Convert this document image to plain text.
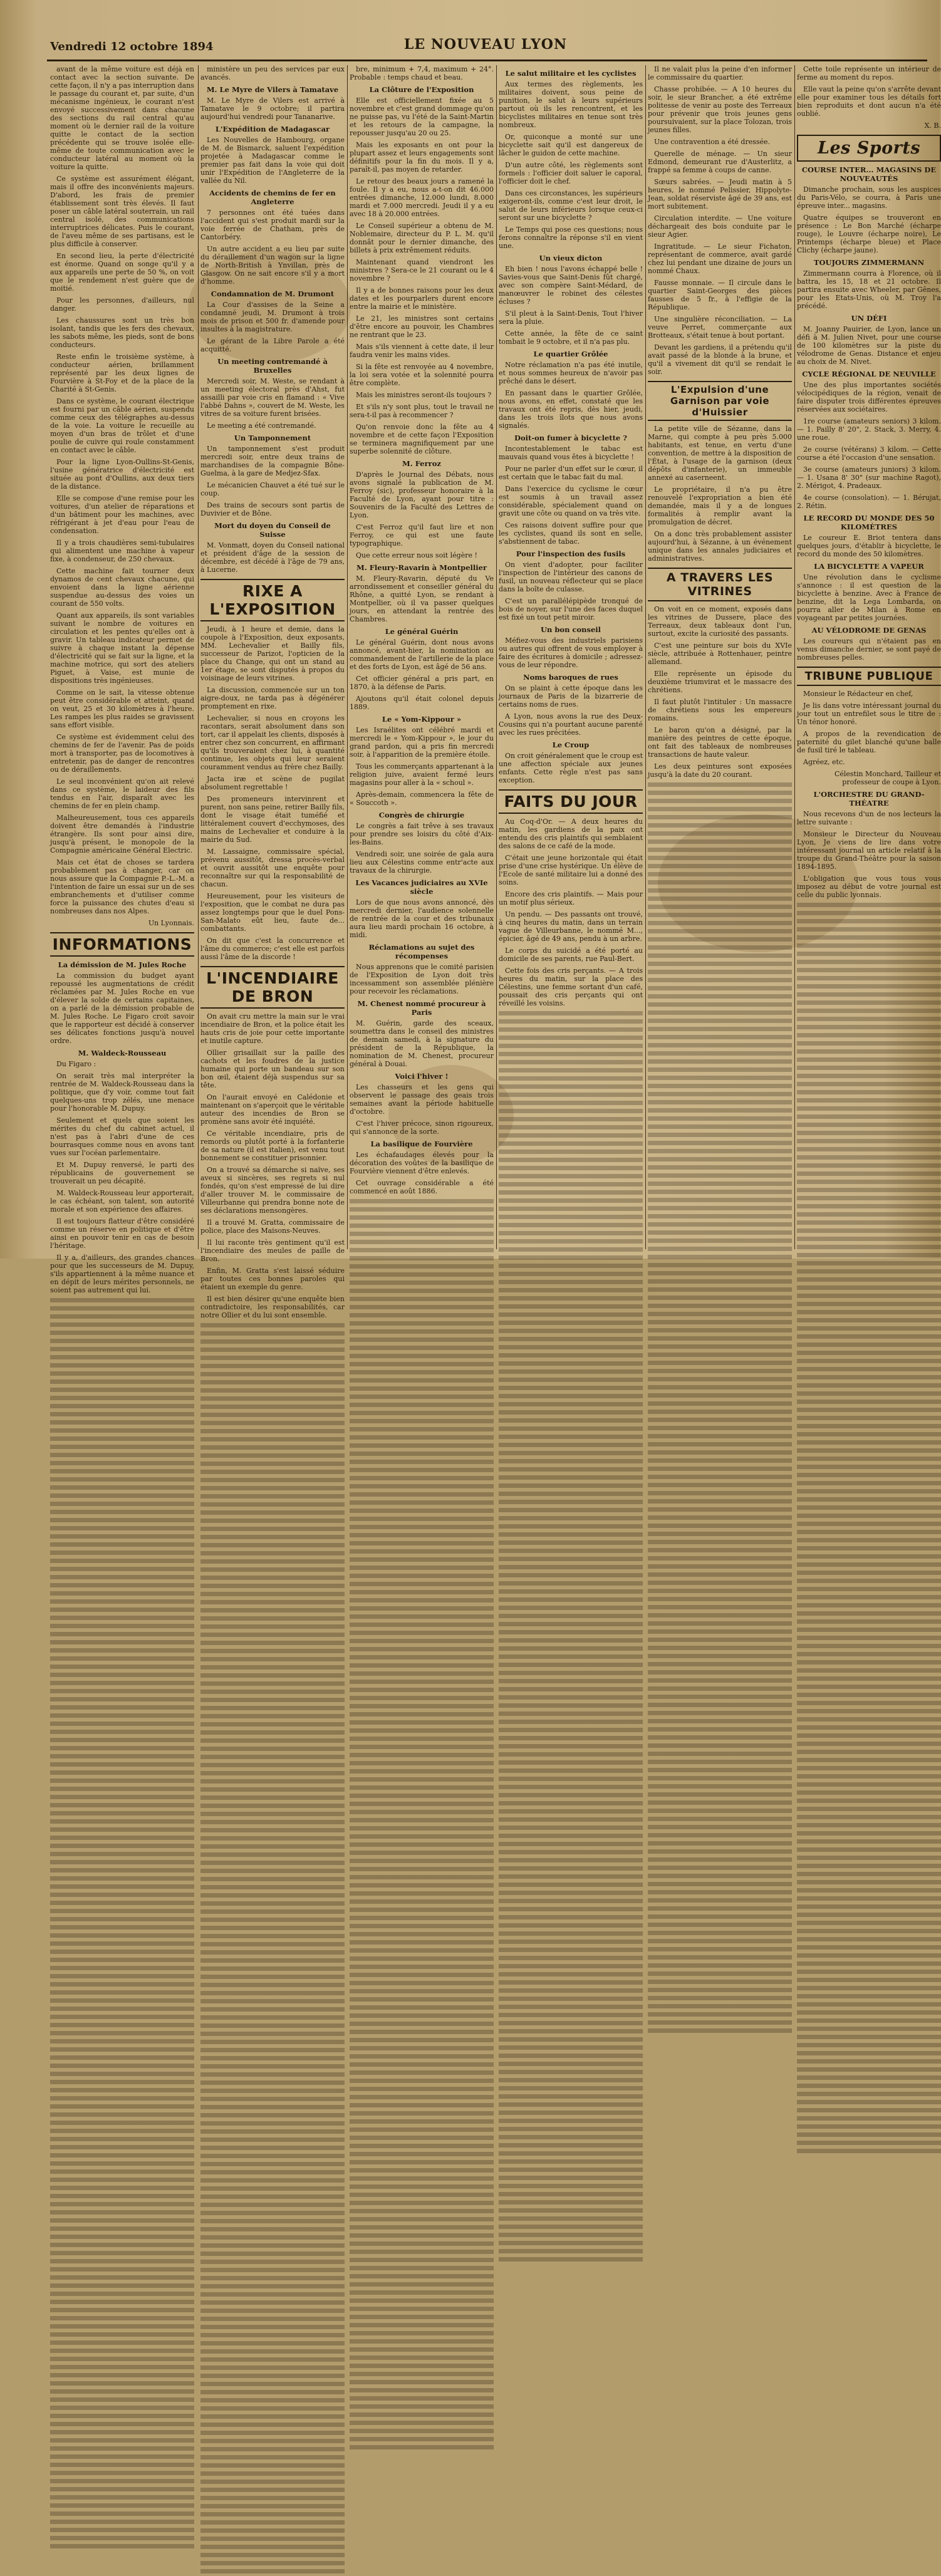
Vendredi 12 octobre 1894	LE NOUVEAU LYON

avant de la même voiture est déjà en contact avec la section suivante. De cette façon, il n'y a pas interruption dans le passage du courant et, par suite, d'un mécanisme ingénieux, le courant n'est envoyé successivement dans chacune des sections du rail central qu'au moment où le dernier rail de la voiture quitte le contact de la section précédente qui se trouve isolée elle-même de toute communication avec le conducteur latéral au moment où la voiture la quitte.

Ce système est assurément élégant, mais il offre des inconvénients majeurs. D'abord, les frais de premier établissement sont très élevés. Il faut poser un câble latéral souterrain, un rail central isolé, des communications interruptrices délicates. Puis le courant, de l'aveu même de ses partisans, est le plus difficile à conserver.

En second lieu, la perte d'électricité est énorme. Quand on songe qu'il y a aux appareils une perte de 50 %, on voit que le rendement n'est guère que de moitié.

Pour les personnes, d'ailleurs, nul danger.

Les chaussures sont un très bon isolant, tandis que les fers des chevaux, les sabots même, les pieds, sont de bons conducteurs.

Reste enfin le troisième système, à conducteur aérien, brillamment représenté par les deux lignes de Fourvière à St-Foy et de la place de la Charité à St-Genis.

Dans ce système, le courant électrique est fourni par un câble aérien, suspendu comme ceux des télégraphes au-dessus de la voie. La voiture le recueille au moyen d'un bras de trôlet et d'une poulie de cuivre qui roule constamment en contact avec le câble.

Pour la ligne Lyon-Oullins-St-Genis, l'usine génératrice d'électricité est située au pont d'Oullins, aux deux tiers de la distance.

Elle se compose d'une remise pour les voitures, d'un atelier de réparations et d'un bâtiment pour les machines, avec réfrigérant à jet d'eau pour l'eau de condensation.

Il y a trois chaudières semi-tubulaires qui alimentent une machine à vapeur fixe, à condenseur, de 250 chevaux.

Cette machine fait tourner deux dynamos de cent chevaux chacune, qui envoient dans la ligne aérienne suspendue au-dessus des voies un courant de 550 volts.

Quant aux appareils, ils sont variables suivant le nombre de voitures en circulation et les pentes qu'elles ont à gravir. Un tableau indicateur permet de suivre à chaque instant la dépense d'électricité qui se fait sur la ligne, et la machine motrice, qui sort des ateliers Piguet, à Vaise, est munie de dispositions très ingénieuses.

Comme on le sait, la vitesse obtenue peut être considérable et atteint, quand on veut, 25 et 30 kilomètres à l'heure. Les rampes les plus raides se gravissent sans effort visible.

Ce système est évidemment celui des chemins de fer de l'avenir. Pas de poids mort à transporter, pas de locomotives à entretenir, pas de danger de rencontres ou de déraillements.

Le seul inconvénient qu'on ait relevé dans ce système, le laideur des fils tendus en l'air, disparaît avec les chemins de fer en plein champ.

Malheureusement, tous ces appareils doivent être demandés à l'industrie étrangère. Ils sont pour ainsi dire, jusqu'à présent, le monopole de la Compagnie américaine Général Electric.

Mais cet état de choses se tardera probablement pas à changer, car on nous assure que la Compagnie P.-L.-M. a l'intention de faire un essai sur un de ses embranchements et d'utiliser comme force la puissance des chutes d'eau si nombreuses dans nos Alpes.

Un Lyonnais.
INFORMATIONS
La démission de M. Jules Roche

La commission du budget ayant repoussé les augmentations de crédit réclamées par M. Jules Roche en vue d'élever la solde de certains capitaines, on a parlé de la démission probable de M. Jules Roche. Le Figaro croit savoir que le rapporteur est décidé à conserver ses délicates fonctions jusqu'à nouvel ordre.

M. Waldeck-Rousseau

Du Figaro :

On serait très mal interpréter la rentrée de M. Waldeck-Rousseau dans la politique, que d'y voir, comme tout fait quelques-uns trop zélés, une menace pour l'honorable M. Dupuy.

Seulement et quels que soient les mérites du chef du cabinet actuel, il n'est pas à l'abri d'une de ces bourrasques comme nous en avons tant vues sur l'océan parlementaire.

Et M. Dupuy renversé, le parti des républicains de gouvernement se trouverait un peu décapité.

M. Waldeck-Rousseau leur apporterait, le cas échéant, son talent, son autorité morale et son expérience des affaires.

Il est toujours flatteur d'être considéré comme un réserve en politique et d'être ainsi en pouvoir tenir en cas de besoin l'héritage.

Il y a, d'ailleurs, des grandes chances pour que les successeurs de M. Dupuy, s'ils appartiennent à la même nuance et en dépit de leurs mérites personnels, ne soient pas autrement qui lui.

ministère un peu des services par eux avancés.

M. Le Myre de Vilers à Tamatave

M. Le Myre de Vilers est arrivé à Tamatave le 9 octobre; il partira aujourd'hui vendredi pour Tananarive.

L'Expédition de Madagascar

Les Nouvelles de Hambourg, organe de M. de Bismarck, saluent l'expédition projetée à Madagascar comme le premier pas fait dans la voie qui doit unir l'Expédition de l'Angleterre de la vallée du Nil.

Accidents de chemins de fer en Angleterre

7 personnes ont été tuées dans l'accident qui s'est produit mardi sur la voie ferrée de Chatham, près de Cantorbéry.

Un autre accident a eu lieu par suite du déraillement d'un wagon sur la ligne de North-British à Ynvillan, près de Glasgow. On ne sait encore s'il y a mort d'homme.

Condamnation de M. Drumont

La Cour d'assises de la Seine a condamné jeudi, M. Drumont à trois mois de prison et 500 fr. d'amende pour insultes à la magistrature.

Le gérant de la Libre Parole a été acquitté.

Un meeting contremandé à Bruxelles

Mercredi soir, M. Weste, se rendant à un meeting électoral près d'Ahst, fut assailli par voie cris en flamand : « Vive l'abbé Dahns », couvert de M. Weste, les vitres de sa voiture furent brisées.

Le meeting a été contremandé.

Un Tamponnement

Un tamponnement s'est produit mercredi soir, entre deux trains de marchandises de la compagnie Bône-Guelma, à la gare de Medjez-Sfax.

Le mécanicien Chauvet a été tué sur le coup.

Des trains de secours sont partis de Duvivier et de Bône.

Mort du doyen du Conseil de Suisse

M. Vonmatt, doyen du Conseil national et président d'âge de la session de décembre, est décédé à l'âge de 79 ans, à Lucerne.

RIXE A L'EXPOSITION

Jeudi, à 1 heure et demie, dans la coupole à l'Exposition, deux exposants, MM. Lechevalier et Bailly fils, successeur de Parizot, l'opticien de la place du Change, qui ont un stand au 1er étage, se sont disputés à propos du voisinage de leurs vitrines.

La discussion, commencée sur un ton aigre-doux, ne tarda pas à dégénérer promptement en rixe.

Lechevalier, si nous en croyons les racontars, serait absolument dans son tort, car il appelait les clients, disposés à entrer chez son concurrent, en affirmant qu'ils trouveraient chez lui, à quantité continue, les objets qui leur seraient couramment vendus au frère chez Bailly.

Jacta iræ et scène de pugilat absolument regrettable !

Des promeneurs intervinrent et purent, non sans peine, retirer Bailly fils, dont le visage était tuméfié et littéralement couvert d'ecchymoses, des mains de Lechevalier et conduire à la mairie du Sud.

M. Lassaigne, commissaire spécial, prévenu aussitôt, dressa procès-verbal et ouvrit aussitôt une enquête pour reconnaître sur qui la responsabilité de chacun.

Heureusement, pour les visiteurs de l'exposition, que le combat ne dura pas assez longtemps pour que le duel Pons-San-Malato eût lieu, faute de... combattants.

On dit que c'est la concurrence et l'âme du commerce; c'est elle est parfois aussi l'âme de la discorde !

L'INCENDIAIRE DE BRON

On avait cru mettre la main sur le vrai incendiaire de Bron, et la police était les hauts cris de joie pour cette importante et inutile capture.

Ollier grisaillait sur la paille des cachots et les foudres de la justice humaine qui porte un bandeau sur son bon œil, étaient déjà suspendus sur sa tête.

On l'aurait envoyé en Calédonie et maintenant on s'aperçoit que le véritable auteur des incendies de Bron se promène sans avoir été inquiété.

Ce véritable incendiaire, pris de remords ou plutôt porté à la forfanterie de sa nature (il est italien), est venu tout bonnement se constituer prisonnier.

On a trouvé sa démarche si naïve, ses aveux si sincères, ses regrets si nul fondés, qu'on s'est empressé de lui dire d'aller trouver M. le commissaire de Villeurbanne qui prendra bonne note de ses déclarations mensongères.

Il a trouvé M. Gratta, commissaire de police, place des Maisons-Neuves.

Il lui raconte très gentiment qu'il est l'incendiaire des meules de paille de Bron.

Enfin, M. Gratta s'est laissé séduire par toutes ces bonnes paroles qui étaient un exemple du genre.

Il est bien désirer qu'une enquête bien contradictoire, les responsabilités, car notre Ollier et du lui sont ensemble.

bre, minimum + 7,4, maximum + 24°. Probable : temps chaud et beau.

La Clôture de l'Exposition

Elle est officiellement fixée au 5 novembre et c'est grand dommage qu'on ne puisse pas, vu l'été de la Saint-Martin et les retours de la campagne, la repousser jusqu'au 20 ou 25.

Mais les exposants en ont pour la plupart assez et leurs engagements sont définitifs pour la fin du mois. Il y a, paraît-il, pas moyen de retarder.

Le retour des beaux jours a ramené la foule. Il y a eu, nous a-t-on dit 46.000 entrées dimanche, 12.000 lundi, 8.000 mardi et 7.000 mercredi. Jeudi il y a eu avec 18 à 20.000 entrées.

Le Conseil supérieur a obtenu de M. Noblemaire, directeur du P. L. M. qu'il donnât pour le dernier dimanche, des billets à prix extrêmement réduits.

Maintenant quand viendront les ministres ? Sera-ce le 21 courant ou le 4 novembre ?

Il y a de bonnes raisons pour les deux dates et les pourparlers durent encore entre la mairie et le ministère.

Le 21, les ministres sont certains d'être encore au pouvoir, les Chambres ne rentrant que le 23.

Mais s'ils viennent à cette date, il leur faudra venir les mains vides.

Si la fête est renvoyée au 4 novembre, la loi sera votée et la solennité pourra être complète.

Mais les ministres seront-ils toujours ?

Et s'ils n'y sont plus, tout le travail ne sera-t-il pas à recommencer ?

Qu'on renvoie donc la fête au 4 novembre et de cette façon l'Exposition se terminera magnifiquement par une superbe solennité de clôture.

M. Ferroz

D'après le Journal des Débats, nous avons signalé la publication de M. Ferroy (sic), professeur honoraire à la Faculté de Lyon, ayant pour titre : Souvenirs de la Faculté des Lettres de Lyon.

C'est Ferroz qu'il faut lire et non Ferroy, ce qui est une faute typographique.

Que cette erreur nous soit légère !

M. Fleury-Ravarin à Montpellier

M. Fleury-Ravarin, député du Ve arrondissement et conseiller général du Rhône, a quitté Lyon, se rendant à Montpellier, où il va passer quelques jours, en attendant la rentrée des Chambres.

Le général Guérin

Le général Guérin, dont nous avons annoncé, avant-hier, la nomination au commandement de l'artillerie de la place et des forts de Lyon, est âgé de 56 ans.

Cet officier général a pris part, en 1870, à la défense de Paris.

Ajoutons qu'il était colonel depuis 1889.

Le « Yom-Kippour »

Les Israélites ont célébré mardi et mercredi le « Yom-Kippour », le jour du grand pardon, qui a pris fin mercredi soir, à l'apparition de la première étoile.

Tous les commerçants appartenant à la religion juive, avaient fermé leurs magasins pour aller à la « schoul ».

Après-demain, commencera la fête de « Souccoth ».

Congrès de chirurgie

Le congrès a fait trêve à ses travaux pour prendre ses loisirs du côté d'Aix-les-Bains.

Vendredi soir, une soirée de gala aura lieu aux Célestins comme entr'acte aux travaux de la chirurgie.

Les Vacances judiciaires au XVIe siècle

Lors de que nous avons annoncé, dès mercredi dernier, l'audience solennelle de rentrée de la cour et des tribunaux aura lieu mardi prochain 16 octobre, à midi.

Réclamations au sujet des récompenses

Nous apprenons que le comité parisien de l'Exposition de Lyon doit très incessamment son assemblée plénière pour recevoir les réclamations.

M. Chenest nommé procureur à Paris

M. Guérin, garde des sceaux, soumettra dans le conseil des ministres de demain samedi, à la signature du président de la République, la nomination de M. Chenest, procureur général à Douai.

Voici l'hiver !

Les chasseurs et les gens qui observent le passage des geais trois semaines avant la période habituelle d'octobre.

C'est l'hiver précoce, sinon rigoureux, qui s'annonce de la sorte.

La basilique de Fourvière

Les échafaudages élevés pour la décoration des voûtes de la basilique de Fourvière viennent d'être enlevés.

Cet ouvrage considérable a été commencé en août 1886.

Le salut militaire et les cyclistes

Aux termes des règlements, les militaires doivent, sous peine de punition, le salut à leurs supérieurs partout où ils les rencontrent, et les bicyclistes militaires en tenue sont très nombreux.

Or, quiconque a monté sur une bicyclette sait qu'il est dangereux de lâcher le guidon de cette machine.

D'un autre côté, les règlements sont formels : l'officier doit saluer le caporal, l'officier doit le chef.

Dans ces circonstances, les supérieurs exigeront-ils, comme c'est leur droit, le salut de leurs inférieurs lorsque ceux-ci seront sur une bicyclette ?

Le Temps qui pose ces questions; nous ferons connaître la réponse s'il en vient une.

Un vieux dicton

Eh bien ! nous l'avons échappé belle ! Savies-vous que Saint-Denis fût chargé, avec son compère Saint-Médard, de manœuvrer le robinet des célestes écluses ?

S'il pleut à la Saint-Denis, Tout l'hiver sera la pluie.

Cette année, la fête de ce saint tombait le 9 octobre, et il n'a pas plu.

Le quartier Grôlée

Notre réclamation n'a pas été inutile, et nous sommes heureux de n'avoir pas prêché dans le désert.

En passant dans le quartier Grôlée, nous avons, en effet, constaté que les travaux ont été repris, dès hier, jeudi, dans les trois îlots que nous avons signalés.

Doit-on fumer à bicyclette ?

Incontestablement le tabac est mauvais quand vous êtes à bicyclette !

Pour ne parler d'un effet sur le cœur, il est certain que le tabac fait du mal.

Dans l'exercice du cyclisme le cœur est soumis à un travail assez considérable, spécialement quand on gravit une côte ou quand on va très vite.

Ces raisons doivent suffire pour que les cyclistes, quand ils sont en selle, s'abstiennent de tabac.

Pour l'inspection des fusils

On vient d'adopter, pour faciliter l'inspection de l'intérieur des canons de fusil, un nouveau réflecteur qui se place dans la boîte de culasse.

C'est un parallélépipède tronqué de bois de noyer, sur l'une des faces duquel est fixé un tout petit miroir.

Un bon conseil

Méfiez-vous des industriels parisiens ou autres qui offrent de vous employer à faire des écritures à domicile ; adressez-vous de leur répondre.

Noms baroques de rues

On se plaint à cette époque dans les journaux de Paris de la bizarrerie de certains noms de rues.

A Lyon, nous avons la rue des Deux-Cousins qui n'a pourtant aucune parenté avec les rues précitées.

Le Croup

On croit généralement que le croup est une affection spéciale aux jeunes enfants. Cette règle n'est pas sans exception.

FAITS DU JOUR

Au Coq-d'Or. — A deux heures du matin, les gardiens de la paix ont entendu des cris plaintifs qui semblaient des salons de ce café de la mode.

C'était une jeune horizontale qui était prise d'une crise hystérique. Un élève de l'Ecole de santé militaire lui a donné des soins.

Encore des cris plaintifs. — Mais pour un motif plus sérieux.

Un pendu. — Des passants ont trouvé, à cinq heures du matin, dans un terrain vague de Villeurbanne, le nommé M..., épicier, âgé de 49 ans, pendu à un arbre.

Le corps du suicidé a été porté au domicile de ses parents, rue Paul-Bert.

Cette fois des cris perçants. — A trois heures du matin, sur la place des Célestins, une femme sortant d'un café, poussait des cris perçants qui ont réveillé les voisins.

Il ne valait plus la peine d'en informer le commissaire du quartier.

Chasse prohibée. — A 10 heures du soir, le sieur Brancher, a été extrême politesse de venir au poste des Terreaux pour prévenir que trois jeunes gens poursuivaient, sur la place Tolozan, trois jeunes filles.

Une contravention a été dressée.

Querelle de ménage. — Un sieur Edmond, demeurant rue d'Austerlitz, a frappé sa femme à coups de canne.

Sœurs sabrées. — Jeudi matin à 5 heures, le nommé Pelissier, Hippolyte-Jean, soldat réserviste âgé de 39 ans, est mort subitement.

Circulation interdite. — Une voiture déchargeait des bois conduite par le sieur Agier.

Ingratitude. — Le sieur Fichaton, représentant de commerce, avait gardé chez lui pendant une dizaine de jours un nommé Chaux.

Fausse monnaie. — Il circule dans le quartier Saint-Georges des pièces fausses de 5 fr., à l'effigie de la République.

Une singulière réconciliation. — La veuve Perret, commerçante aux Brotteaux, s'était tenue à bout portant.

Devant les gardiens, il a prétendu qu'il avait passé de la blonde à la brune, et qu'il a vivement dit qu'il se rendait le soir.

L'Expulsion d'une Garnison par voie d'Huissier

La petite ville de Sézanne, dans la Marne, qui compte à peu près 5.000 habitants, est tenue, en vertu d'une convention, de mettre à la disposition de l'État, à l'usage de la garnison (deux dépôts d'infanterie), un immeuble annexé au caserneent.

Le propriétaire, il n'a pu être renouvelé l'expropriation a bien été demandée, mais il y a de longues formalités à remplir avant la promulgation de décret.

On a donc très probablement assister aujourd'hui, à Sézanne, à un événement unique dans les annales judiciaires et administratives.

A TRAVERS LES VITRINES

On voit en ce moment, exposés dans les vitrines de Dussere, place des Terreaux, deux tableaux dont l'un, surtout, excite la curiosité des passants.

C'est une peinture sur bois du XVIe siècle, attribuée à Rottenhauer, peintre allemand.

Elle représente un épisode du deuxième triumvirat et le massacre des chrétiens.

Il faut plutôt l'intituler : Un massacre de chrétiens sous les empereurs romains.

Le baron qu'on a désigné, par la manière des peintres de cette époque, ont fait des tableaux de nombreuses transactions de haute valeur.

Les deux peintures sont exposées jusqu'à la date du 20 courant.

Cette toile représente un intérieur de ferme au moment du repos.

Elle vaut la peine qu'on s'arrête devant elle pour examiner tous les détails fort bien reproduits et dont aucun n'a été oublié.

X. B.
Les Sports
COURSE INTER... MAGASINS DE NOUVEAUTÉS

Dimanche prochain, sous les auspices du Paris-Vélo, se courra, à Paris une épreuve inter... magasins.

Quatre équipes se trouveront en présence : Le Bon Marché (écharpe rouge), le Louvre (écharpe noire), Le Printemps (écharpe bleue) et Place Clichy (écharpe jaune).

TOUJOURS ZIMMERMANN

Zimmermann courra à Florence, où il battra, les 15, 18 et 21 octobre. Il partira ensuite avec Wheeler, par Gênes, pour les Etats-Unis, où M. Troy l'a précédé.

UN DÉFI

M. Joanny Pauirier, de Lyon, lance un défi à M. Julien Nivet, pour une course de 100 kilomètres sur la piste du vélodrome de Genas. Distance et enjeu au choix de M. Nivet.

CYCLE RÉGIONAL DE NEUVILLE

Une des plus importantes sociétés vélocipédiques de la région, venait de faire disputer trois différentes épreuves réservées aux sociétaires.

1re course (amateurs seniors) 3 kilom. — 1. Pailly 8' 20", 2. Stack, 3. Merry, 4. une roue.

2e course (vétérans) 3 kilom. — Cette course a été l'occasion d'une sensation.

3e course (amateurs juniors) 3 kilom. — 1. Usana 8' 30" (sur machine Ragot), 2. Mérigot, 4. Pradeaux.

4e course (consolation). — 1. Bérujat, 2. Rétin.

LE RECORD DU MONDE DES 50 KILOMÈTRES

Le coureur E. Briot tentera dans quelques jours, d'établir à bicyclette, le record du monde des 50 kilomètres.

LA BICYCLETTE A VAPEUR

Une révolution dans le cyclisme s'annonce : il est question de la bicyclette à benzine. Avec à France de benzine, dit la Lega Lombarda, on pourra aller de Milan à Rome en voyageant par petites journées.

AU VÉLODROME DE GENAS

Les coureurs qui n'étaient pas en venus dimanche dernier, se sont payé de nombreuses pelles.

TRIBUNE PUBLIQUE

Monsieur le Rédacteur en chef,

Je lis dans votre intéressant journal du jour tout un entrefilet sous le titre de : Un ténor honoré.

A propos de la revendication de paternité du gilet blanché qu'une balle de fusil tiré le tableau.

Agréez, etc.

Célestin Monchard, Tailleur et professeur de coupe à Lyon.
L'ORCHESTRE DU GRAND-THÉATRE

Nous recevons d'un de nos lecteurs la lettre suivante :

Monsieur le Directeur du Nouveau Lyon, Je viens de lire dans votre intéressant journal un article relatif à la troupe du Grand-Théâtre pour la saison 1894-1895.

L'obligation que vous tous vous imposez au début de votre journal est celle du public lyonnais.
